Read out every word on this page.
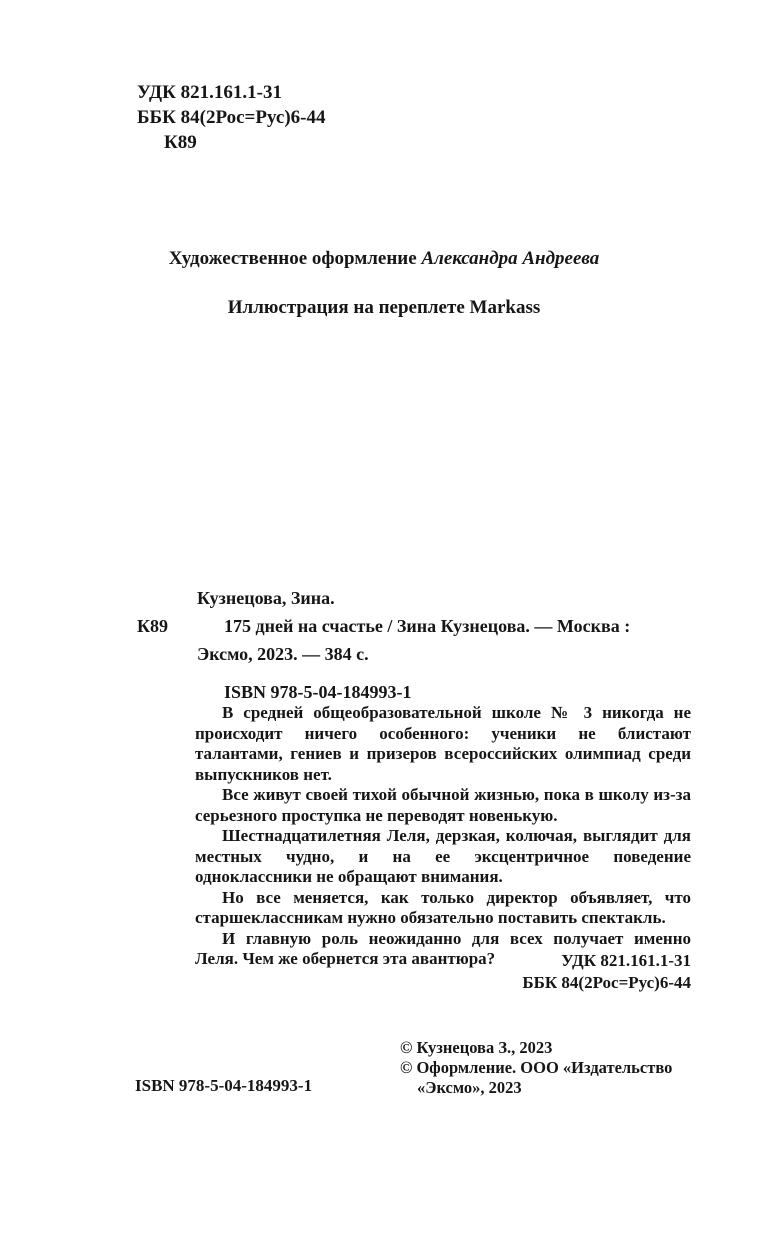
УДК 821.161.1-31
ББК 84(2Рос=Рус)6-44
К89
Художественное оформление Александра Андреева
Иллюстрация на переплете Markass
Кузнецова, Зина.
К89	175 дней на счастье / Зина Кузнецова. — Москва :
Эксмо, 2023. — 384 с.
ISBN 978-5-04-184993-1

В средней общеобразовательной школе № 3 никогда не происходит ничего особенного: ученики не блистают талантами, гениев и призеров всероссийских олимпиад среди выпускников нет.

Все живут своей тихой обычной жизнью, пока в школу из-за серьезного проступка не переводят новенькую.

Шестнадцатилетняя Леля, дерзкая, колючая, выглядит для местных чудно, и на ее эксцентричное поведение одноклассники не обращают внимания.

Но все меняется, как только директор объявляет, что старшеклассникам нужно обязательно поставить спектакль.

И главную роль неожиданно для всех получает именно Леля. Чем же обернется эта авантюра?	УДК 821.161.1-31
ББК 84(2Рос=Рус)6-44
© Кузнецова З., 2023
© Оформление. ООО «Издательство
«Эксмо», 2023
ISBN 978-5-04-184993-1
